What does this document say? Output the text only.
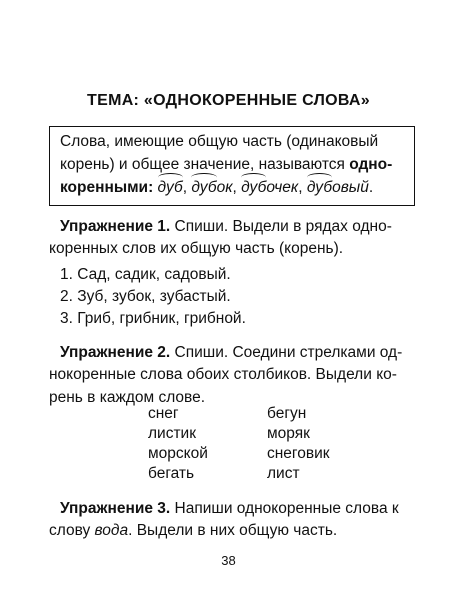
ТЕМА: «ОДНОКОРЕННЫЕ СЛОВА»
Слова, имеющие общую часть (одинаковый
корень) и общее значение, называются одно-
коренными: дуб,
дубок,
дубочек,
дубовый.
Упражнение 1. Спиши. Выдели в рядах одно-
коренных слов их общую часть (корень).
1. Сад, садик, садовый.
2. Зуб, зубок, зубастый.
3. Гриб, грибник, грибной.
Упражнение 2. Спиши. Соедини стрелками од-
нокоренные слова обоих столбиков. Выдели ко-
рень в каждом слове.
снег
листик
морской
бегать
бегун
моряк
снеговик
лист
Упражнение 3. Напиши однокоренные слова к
слову вода. Выдели в них общую часть.
38
